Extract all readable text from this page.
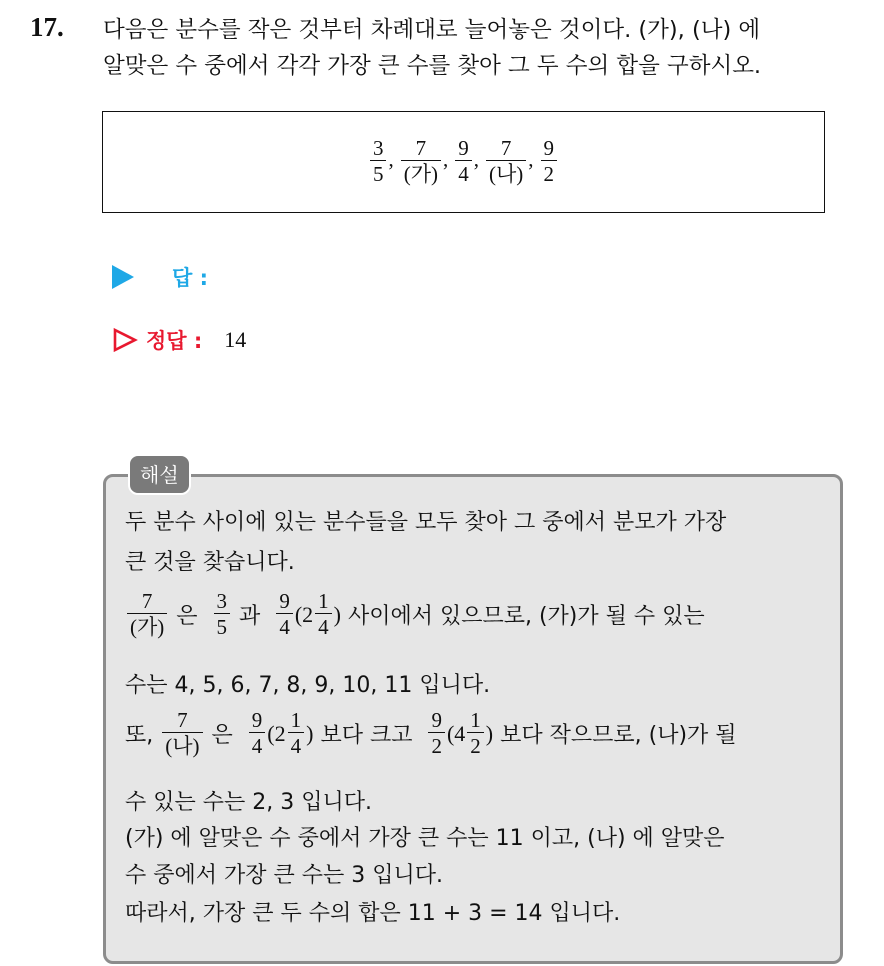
17. 다음은 분수를 작은 것부터 차례대로 늘어놓은 것이다. (가), (나) 에
알맞은 수 중에서 각각 가장 큰 수를 찾아 그 두 수의 합을 구하시오.
$\frac{3}{5}$ , $\frac{7}{\text{(가)}}$ , $\frac{9}{4}$ , $\frac{7}{\text{(나)}}$ , $\frac{9}{2}$
답 :
정답 : 14
해설
두 분수 사이에 있는 분수들을 모두 찾아 그 중에서 분모가 가장
큰 것을 찾습니다.
$\frac{7}{\text{(가)}}$ 은 $\frac{3}{5}$ 과 $\frac{9}{4}$ ( $2 \frac{1}{4}$ ) 사이에서 있으므로, (가)가 될 수 있는
수는 4, 5, 6, 7, 8, 9, 10, 11 입니다.
또, $\frac{7}{\text{(나)}}$ 은 $\frac{9}{4}$ ( $2 \frac{1}{4}$ ) 보다 크고 $\frac{9}{2}$ ( $4 \frac{1}{2}$ ) 보다 작으므로, (나)가 될
수 있는 수는 2, 3 입니다.
(가) 에 알맞은 수 중에서 가장 큰 수는 11 이고, (나) 에 알맞은
수 중에서 가장 큰 수는 3 입니다.
따라서, 가장 큰 두 수의 합은 11 + 3 = 14 입니다.
